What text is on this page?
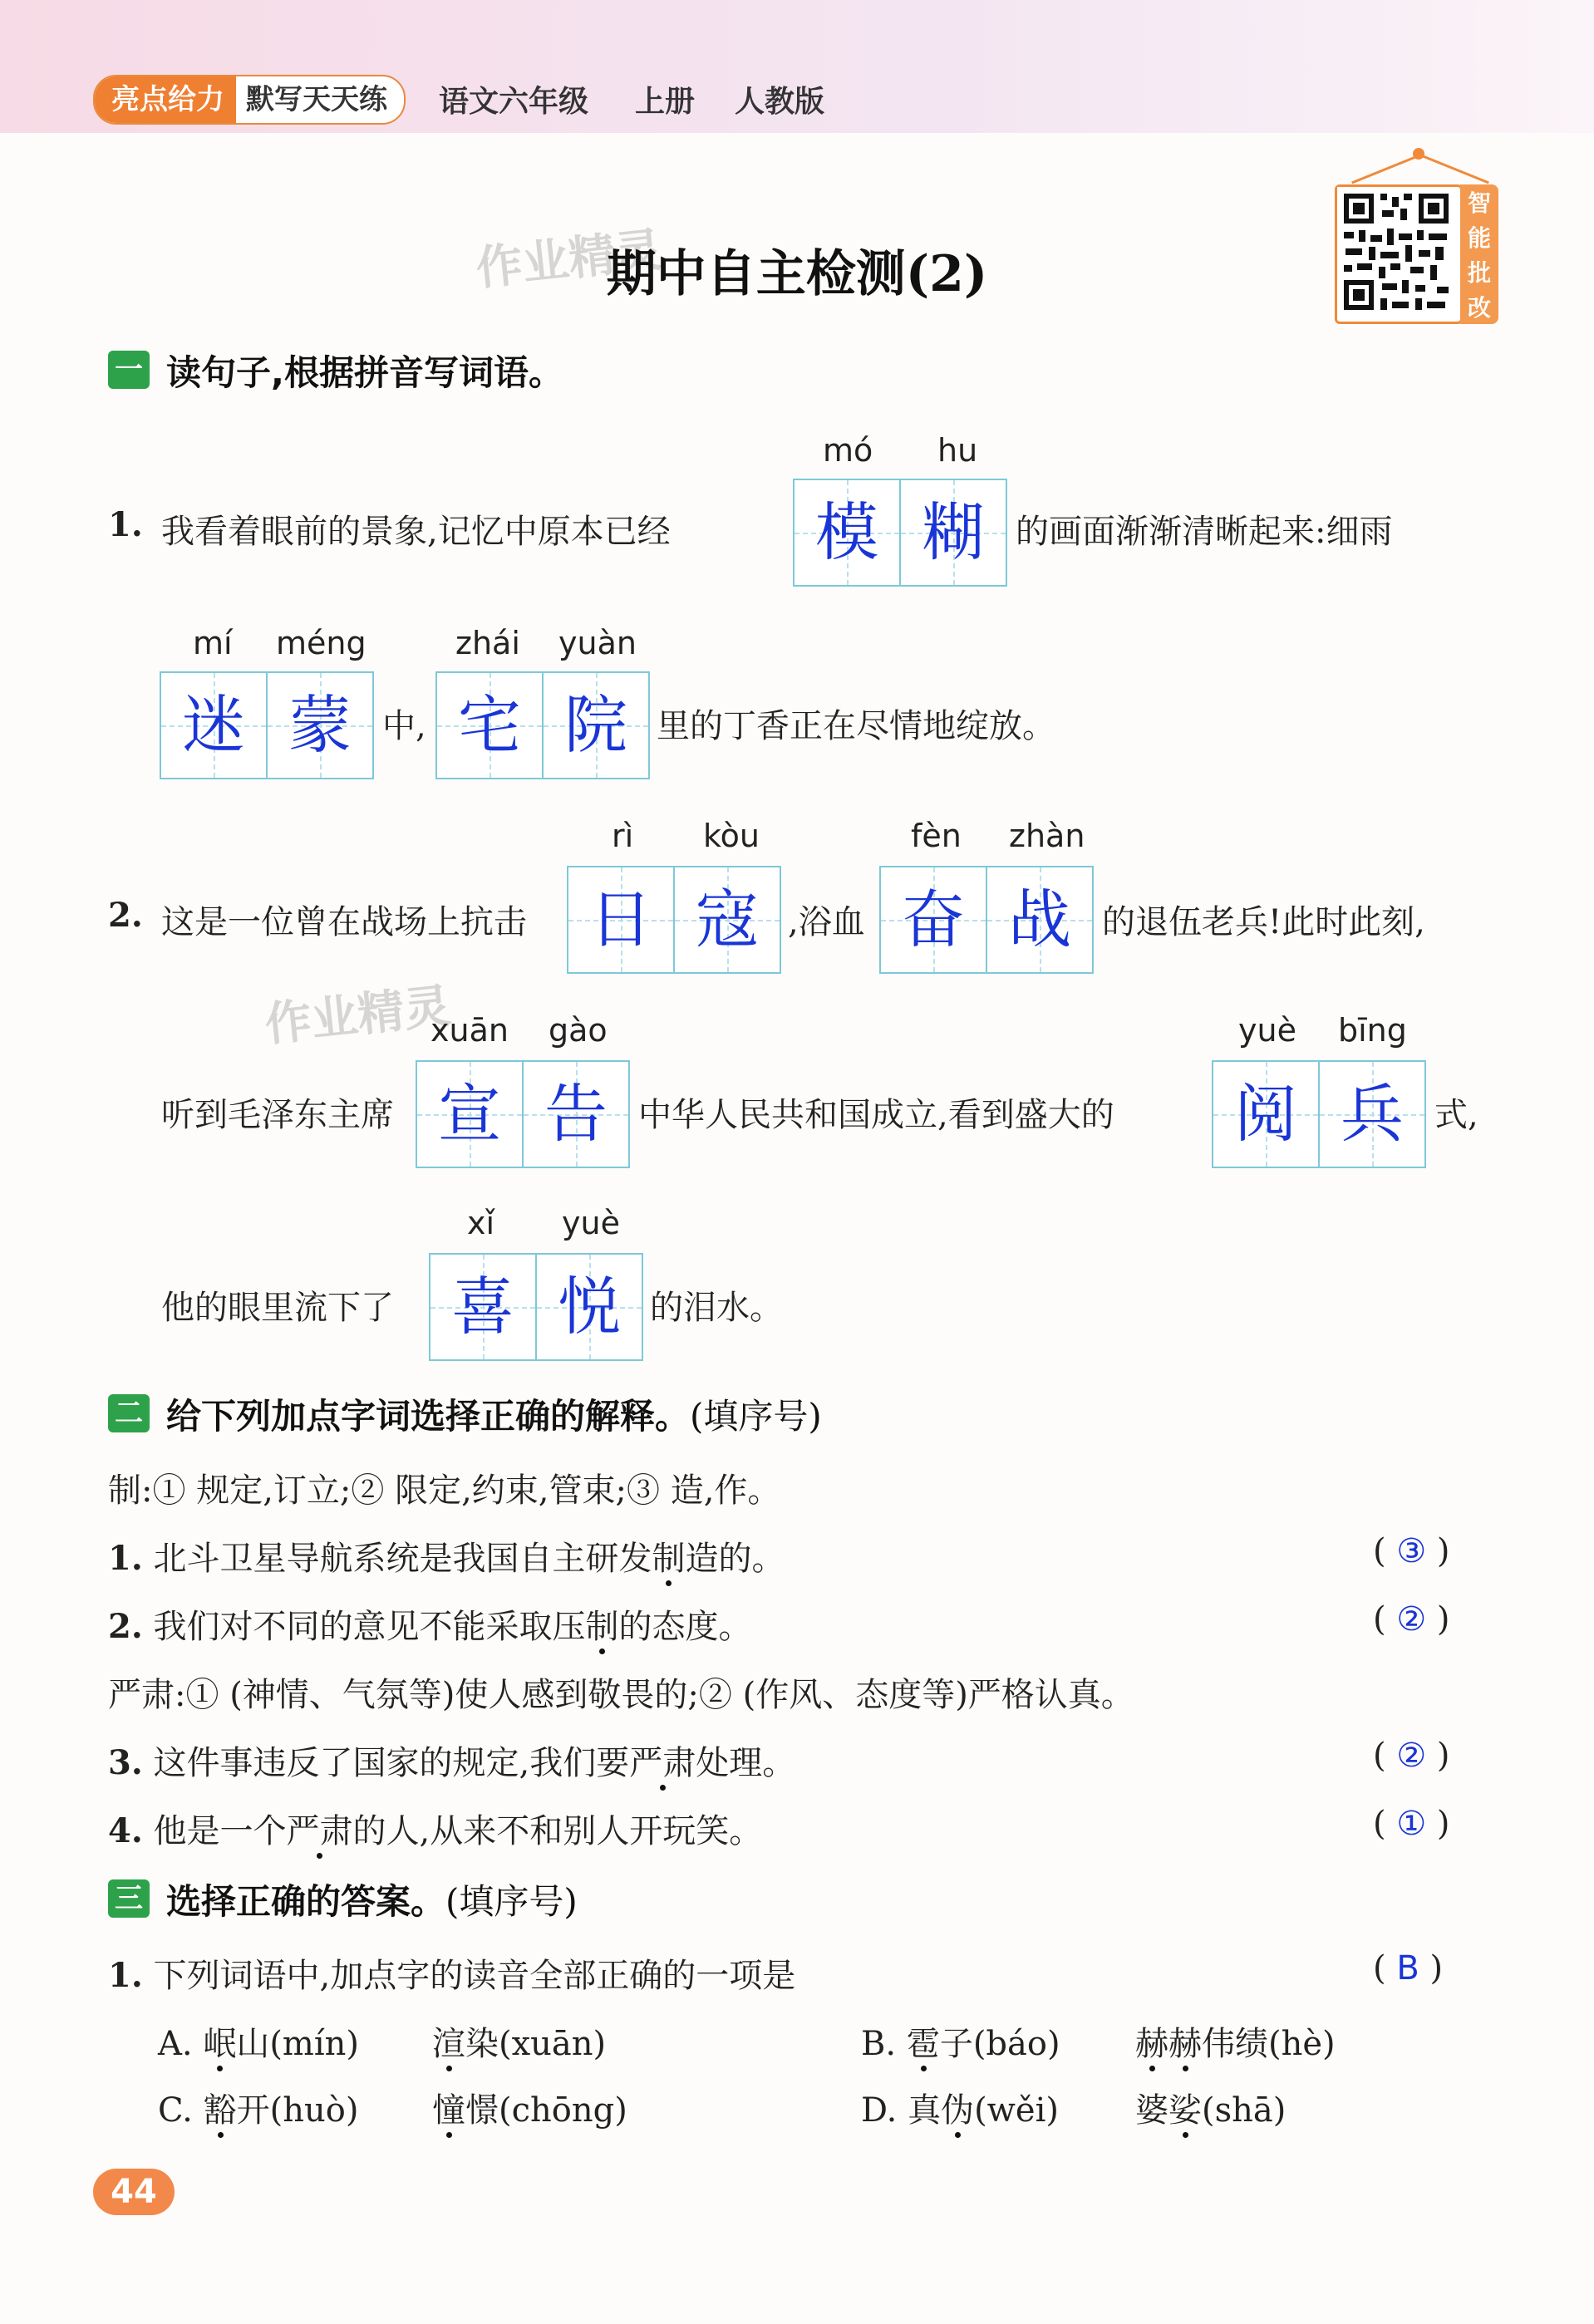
亮点给力 默写天天练	语文六年级 上册 人教版
智
能
批
改
作业精灵
作业精灵
期中自主检测(2)
一 读句子,根据拼音写词语。
1. 我看着眼前的景象,记忆中原本已经
mó hu
模 糊 的画面渐渐清晰起来:细雨
mí méng
迷 蒙 中,
zhái yuàn
宅 院 里的丁香正在尽情地绽放。
2. 这是一位曾在战场上抗击
rì kòu
日 寇 ,浴血
fèn zhàn
奋 战 的退伍老兵!此时此刻,
听到毛泽东主席
xuān gào
宣 告 中华人民共和国成立,看到盛大的
yuè bīng
阅 兵 式,
他的眼里流下了
xǐ yuè
喜 悦 的泪水。
二 给下列加点字词选择正确的解释。(填序号)
制:① 规定,订立;② 限定,约束,管束;③ 造,作。
1. 北斗卫星导航系统是我国自主研发制造的。	( ③ )
2. 我们对不同的意见不能采取压制的态度。	( ② )
严肃:① (神情、气氛等)使人感到敬畏的;② (作风、态度等)严格认真。
3. 这件事违反了国家的规定,我们要严肃处理。	( ② )
4. 他是一个严肃的人,从来不和别人开玩笑。	( ① )
三 选择正确的答案。(填序号)
1. 下列词语中,加点字的读音全部正确的一项是	( B )
A. 岷山(mín) 渲染(xuān)	B. 雹子(báo) 赫赫伟绩(hè)
C. 豁开(huò) 憧憬(chōng)	D. 真伪(wěi) 婆娑(shā)
44
